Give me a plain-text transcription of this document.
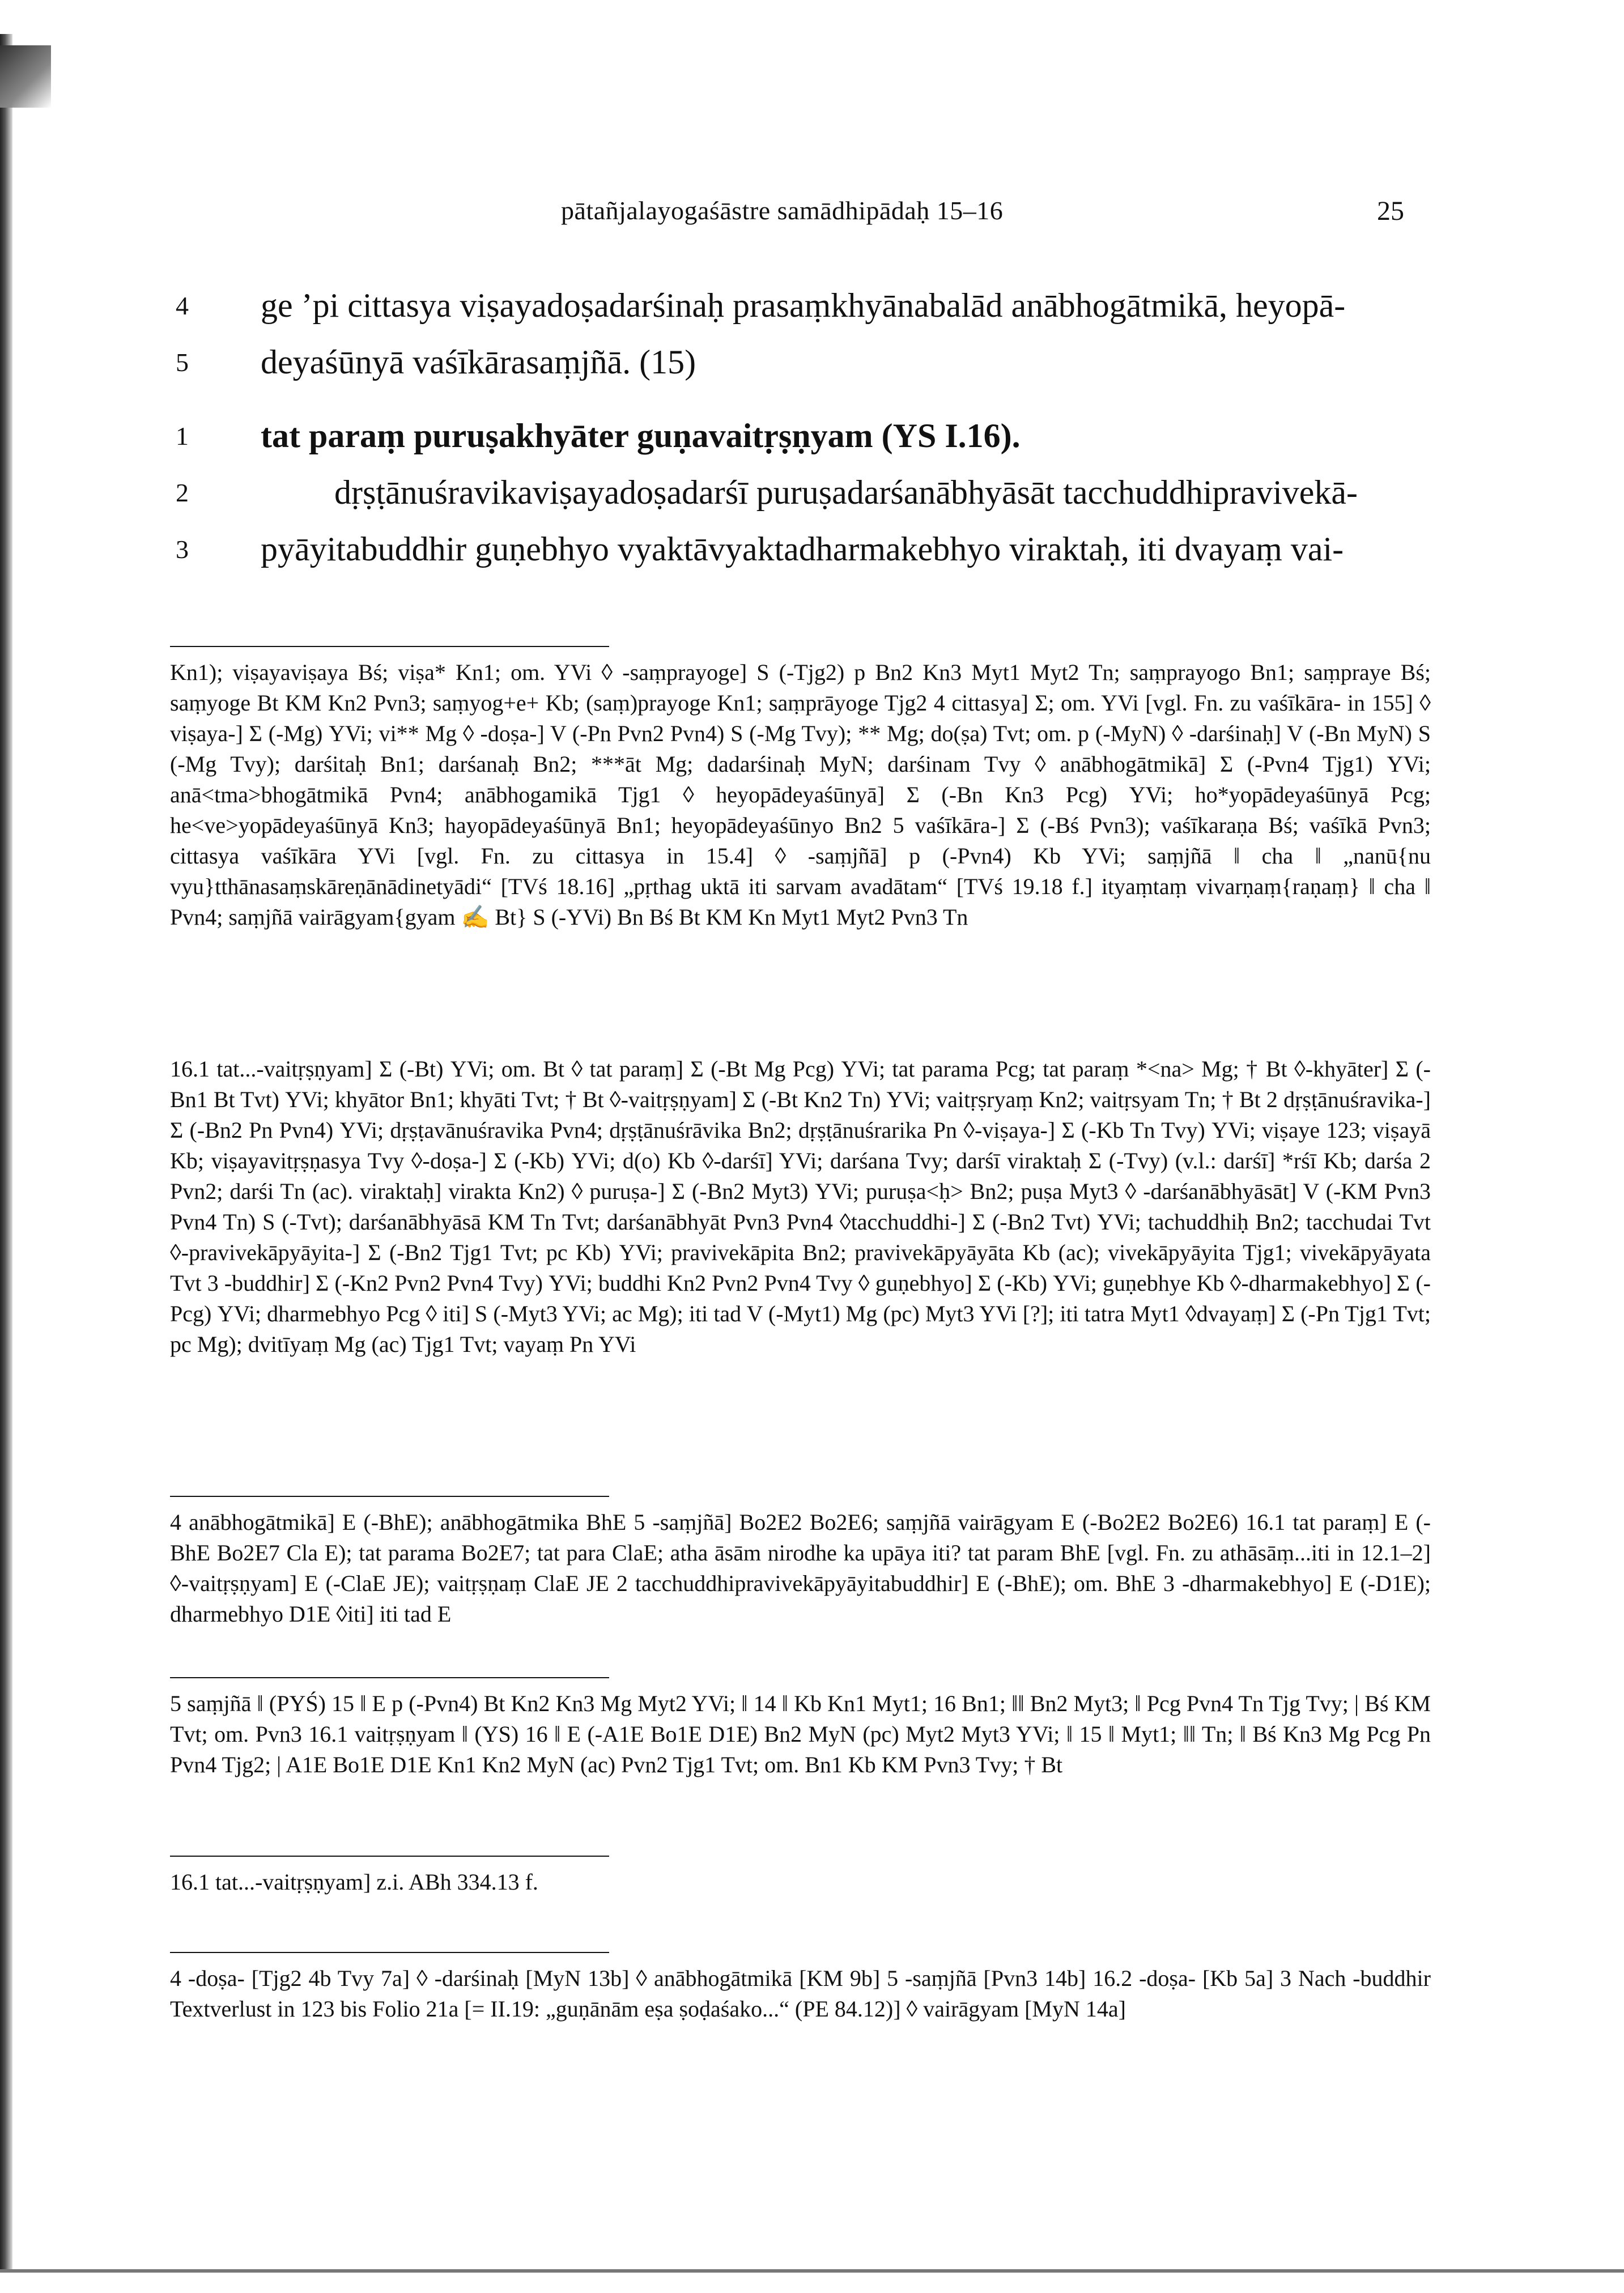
pātañjalayogaśāstre samādhipādaḥ 15–16	25
4	ge ’pi cittasya viṣayadoṣadarśinaḥ prasaṃkhyānabalād anābhogātmikā, heyopā-
5	deyaśūnyā vaśīkārasaṃjñā. (15)
1	tat paraṃ puruṣakhyāter guṇavaitṛṣṇyam (YS I.16).
2	dṛṣṭānuśravikaviṣayadoṣadarśī puruṣadarśanābhyāsāt tacchuddhipravivekā-
3	pyāyitabuddhir guṇebhyo vyaktāvyaktadharmakebhyo viraktaḥ, iti dvayaṃ vai-

Kn1); viṣayaviṣaya Bś; viṣa* Kn1; om. YVi ◊ -saṃprayoge] S (-Tjg2) p Bn2 Kn3 Myt1 Myt2 Tn; saṃprayogo Bn1; saṃpraye Bś; saṃyoge Bt KM Kn2 Pvn3; saṃyog+e+ Kb; (saṃ)prayoge Kn1; saṃprāyoge Tjg2 4 cittasya] Σ; om. YVi [vgl. Fn. zu vaśīkāra- in 155] ◊ viṣaya-] Σ (-Mg) YVi; vi** Mg ◊ -doṣa-] V (-Pn Pvn2 Pvn4) S (-Mg Tvy); ** Mg; do(ṣa) Tvt; om. p (-MyN) ◊ -darśinaḥ] V (-Bn MyN) S (-Mg Tvy); darśitaḥ Bn1; darśanaḥ Bn2; ***āt Mg; dadarśinaḥ MyN; darśinam Tvy ◊ anābhogātmikā] Σ (-Pvn4 Tjg1) YVi; anā<tma>bhogātmikā Pvn4; anābhogamikā Tjg1 ◊ heyopādeyaśūnyā] Σ (-Bn Kn3 Pcg) YVi; ho*yopādeyaśūnyā Pcg; he<ve>yopādeyaśūnyā Kn3; hayopādeyaśūnyā Bn1; heyopādeyaśūnyo Bn2 5 vaśīkāra-] Σ (-Bś Pvn3); vaśīkaraṇa Bś; vaśīkā Pvn3; cittasya vaśīkāra YVi [vgl. Fn. zu cittasya in 15.4] ◊ -saṃjñā] p (-Pvn4) Kb YVi; saṃjñā ‖ cha ‖ „nanū{nu vyu}tthānasaṃskāreṇānādinetyādi“ [TVś 18.16] „pṛthag uktā iti sarvam avadātam“ [TVś 19.18 f.] ityaṃtaṃ vivarṇaṃ{raṇaṃ} ‖ cha ‖ Pvn4; saṃjñā vairāgyam{gyam ✍ Bt} S (-YVi) Bn Bś Bt KM Kn Myt1 Myt2 Pvn3 Tn

16.1 tat...-vaitṛṣṇyam] Σ (-Bt) YVi; om. Bt ◊ tat paraṃ] Σ (-Bt Mg Pcg) YVi; tat parama Pcg; tat paraṃ *<na> Mg; † Bt ◊-khyāter] Σ (-Bn1 Bt Tvt) YVi; khyātor Bn1; khyāti Tvt; † Bt ◊-vaitṛṣṇyam] Σ (-Bt Kn2 Tn) YVi; vaitṛṣryaṃ Kn2; vaitṛsyam Tn; † Bt 2 dṛṣṭānuśravika-] Σ (-Bn2 Pn Pvn4) YVi; dṛṣṭavānuśravika Pvn4; dṛṣṭānuśrāvika Bn2; dṛṣṭānuśrarika Pn ◊-viṣaya-] Σ (-Kb Tn Tvy) YVi; viṣaye 123; viṣayā Kb; viṣayavitṛṣṇasya Tvy ◊-doṣa-] Σ (-Kb) YVi; d(o) Kb ◊-darśī] YVi; darśana Tvy; darśī viraktaḥ Σ (-Tvy) (v.l.: darśī] *rśī Kb; darśa 2 Pvn2; darśi Tn (ac). viraktaḥ] virakta Kn2) ◊ puruṣa-] Σ (-Bn2 Myt3) YVi; puruṣa<ḥ> Bn2; puṣa Myt3 ◊ -darśanābhyāsāt] V (-KM Pvn3 Pvn4 Tn) S (-Tvt); darśanābhyāsā KM Tn Tvt; darśanābhyāt Pvn3 Pvn4 ◊tacchuddhi-] Σ (-Bn2 Tvt) YVi; tachuddhiḥ Bn2; tacchudai Tvt ◊-pravivekāpyāyita-] Σ (-Bn2 Tjg1 Tvt; pc Kb) YVi; pravivekāpita Bn2; pravivekāpyāyāta Kb (ac); vivekāpyāyita Tjg1; vivekāpyāyata Tvt 3 -buddhir] Σ (-Kn2 Pvn2 Pvn4 Tvy) YVi; buddhi Kn2 Pvn2 Pvn4 Tvy ◊ guṇebhyo] Σ (-Kb) YVi; guṇebhye Kb ◊-dharmakebhyo] Σ (-Pcg) YVi; dharmebhyo Pcg ◊ iti] S (-Myt3 YVi; ac Mg); iti tad V (-Myt1) Mg (pc) Myt3 YVi [?]; iti tatra Myt1 ◊dvayaṃ] Σ (-Pn Tjg1 Tvt; pc Mg); dvitīyaṃ Mg (ac) Tjg1 Tvt; vayaṃ Pn YVi

4 anābhogātmikā] E (-BhE); anābhogātmika BhE 5 -saṃjñā] Bo2E2 Bo2E6; saṃjñā vairāgyam E (-Bo2E2 Bo2E6) 16.1 tat paraṃ] E (-BhE Bo2E7 Cla E); tat parama Bo2E7; tat para ClaE; atha āsām nirodhe ka upāya iti? tat param BhE [vgl. Fn. zu athāsāṃ...iti in 12.1–2] ◊-vaitṛṣṇyam] E (-ClaE JE); vaitṛṣṇaṃ ClaE JE 2 tacchuddhipravivekāpyāyitabuddhir] E (-BhE); om. BhE 3 -dharmakebhyo] E (-D1E); dharmebhyo D1E ◊iti] iti tad E

5 saṃjñā ‖ (PYŚ) 15 ‖ E p (-Pvn4) Bt Kn2 Kn3 Mg Myt2 YVi; ‖ 14 ‖ Kb Kn1 Myt1; 16 Bn1; ‖‖ Bn2 Myt3; ‖ Pcg Pvn4 Tn Tjg Tvy; | Bś KM Tvt; om. Pvn3 16.1 vaitṛṣṇyam ‖ (YS) 16 ‖ E (-A1E Bo1E D1E) Bn2 MyN (pc) Myt2 Myt3 YVi; ‖ 15 ‖ Myt1; ‖‖ Tn; ‖ Bś Kn3 Mg Pcg Pn Pvn4 Tjg2; | A1E Bo1E D1E Kn1 Kn2 MyN (ac) Pvn2 Tjg1 Tvt; om. Bn1 Kb KM Pvn3 Tvy; † Bt

16.1 tat...-vaitṛṣṇyam] z.i. ABh 334.13 f.

4 -doṣa- [Tjg2 4b Tvy 7a] ◊ -darśinaḥ [MyN 13b] ◊ anābhogātmikā [KM 9b] 5 -saṃjñā [Pvn3 14b] 16.2 -doṣa- [Kb 5a] 3 Nach -buddhir Textverlust in 123 bis Folio 21a [= II.19: „guṇānām eṣa ṣoḍaśako...“ (PE 84.12)] ◊ vairāgyam [MyN 14a]
